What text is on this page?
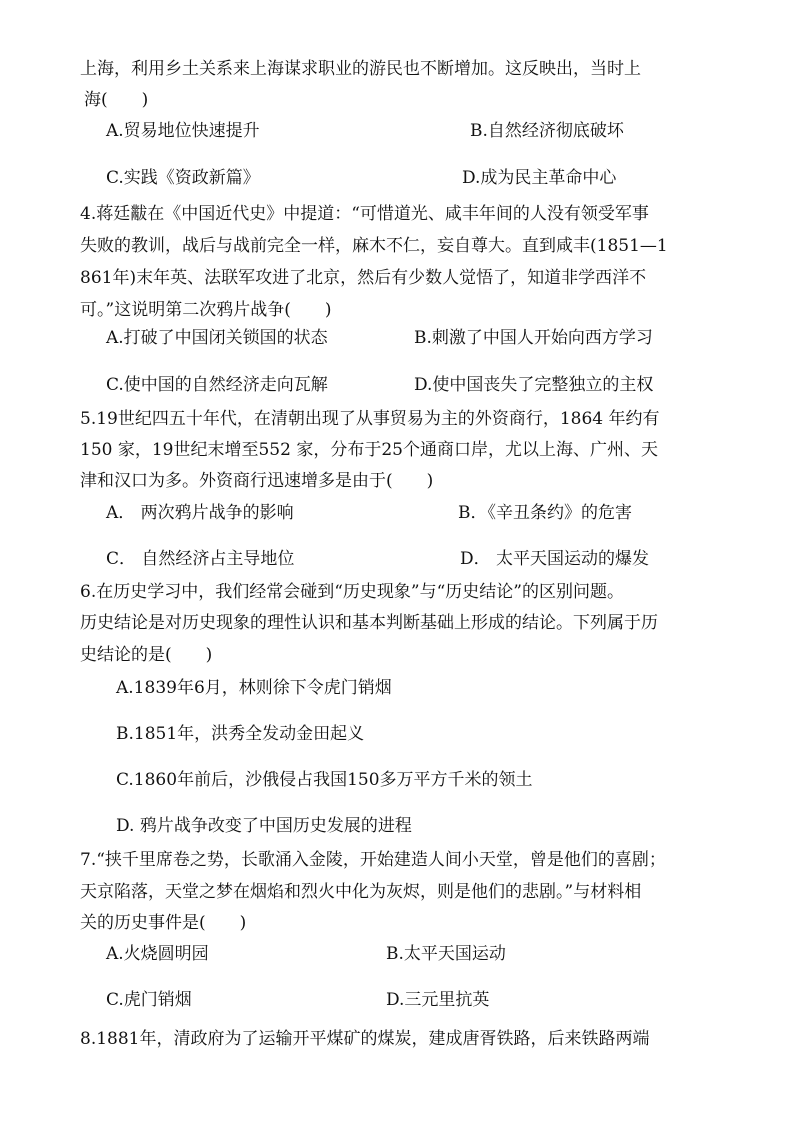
上海，利用乡土关系来上海谋求职业的游民也不断增加。这反映出，当时上
海(　　)
A.贸易地位快速提升	B.自然经济彻底破坏
C.实践《资政新篇》	D.成为民主革命中心
4.蒋廷黻在《中国近代史》中提道：“可惜道光、咸丰年间的人没有领受军事
失败的教训，战后与战前完全一样，麻木不仁，妄自尊大。直到咸丰(1851—1
861年)末年英、法联军攻进了北京，然后有少数人觉悟了，知道非学西洋不
可。”这说明第二次鸦片战争(　　)
A.打破了中国闭关锁国的状态	B.刺激了中国人开始向西方学习
C.使中国的自然经济走向瓦解	D.使中国丧失了完整独立的主权
5.19世纪四五十年代，在清朝出现了从事贸易为主的外资商行，1864 年约有
150 家，19世纪末增至552 家，分布于25个通商口岸，尤以上海、广州、天
津和汉口为多。外资商行迅速增多是由于(　　)
A． 两次鸦片战争的影响	B．《辛丑条约》的危害
C． 自然经济占主导地位	D． 太平天国运动的爆发
6.在历史学习中，我们经常会碰到“历史现象”与“历史结论”的区别问题。
历史结论是对历史现象的理性认识和基本判断基础上形成的结论。下列属于历
史结论的是(　　)
A.1839年6月，林则徐下令虎门销烟
B.1851年，洪秀全发动金田起义
C.1860年前后，沙俄侵占我国150多万平方千米的领土
D. 鸦片战争改变了中国历史发展的进程
7.“挟千里席卷之势，长歌涌入金陵，开始建造人间小天堂，曾是他们的喜剧；
天京陷落，天堂之梦在烟焰和烈火中化为灰烬，则是他们的悲剧。”与材料相
关的历史事件是(　　)
A.火烧圆明园	B.太平天国运动
C.虎门销烟	D.三元里抗英
8.1881年，清政府为了运输开平煤矿的煤炭，建成唐胥铁路，后来铁路两端
